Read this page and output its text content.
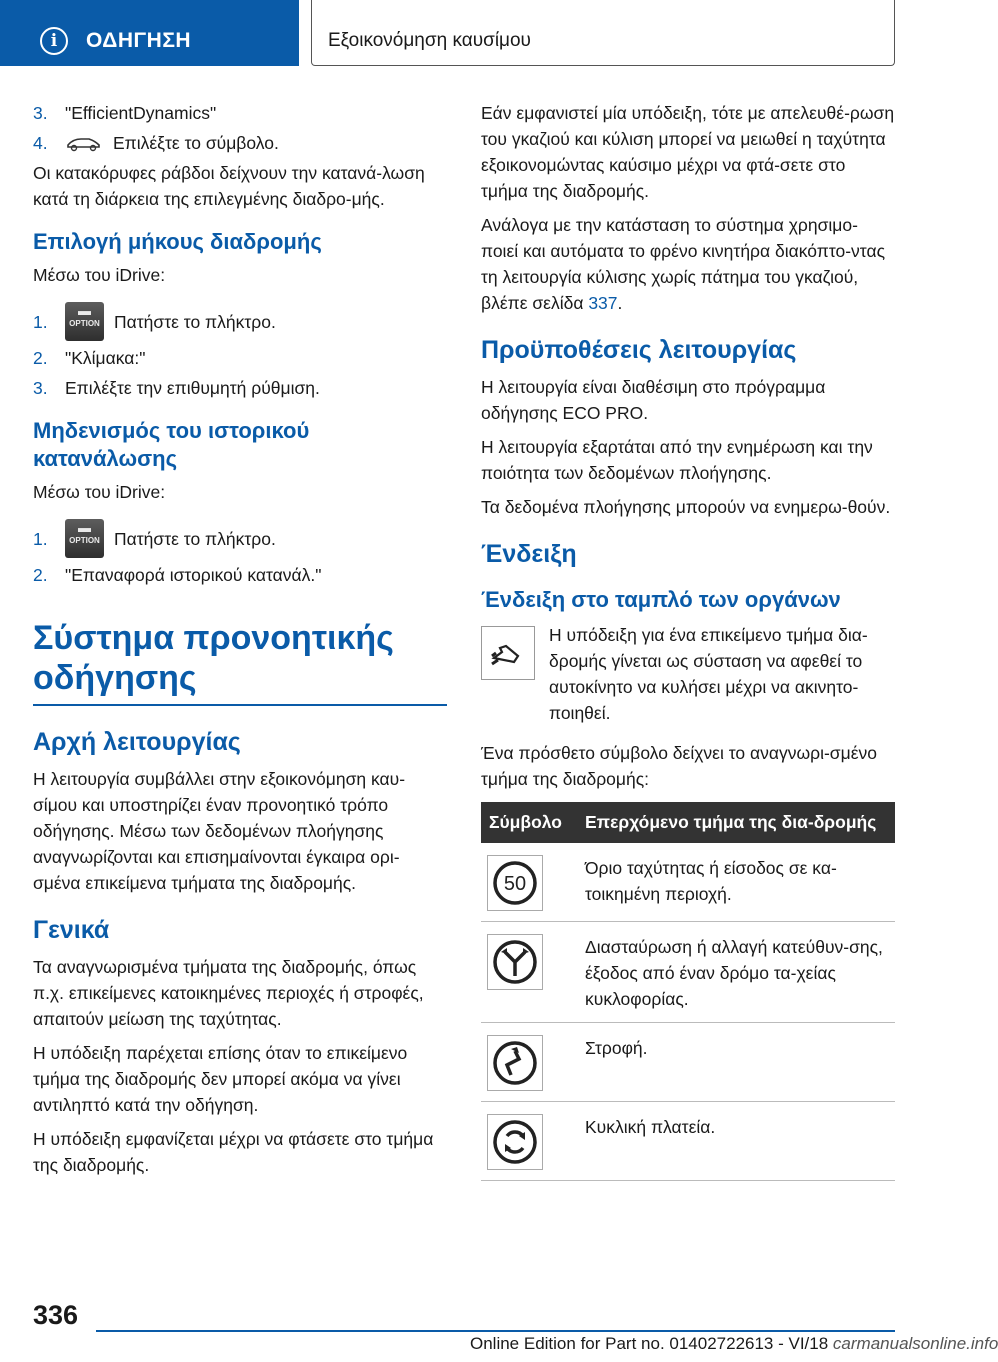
i	ΟΔΗΓΗΣΗ	Εξοικονόμηση καυσίμου
3. "EfficientDynamics"
4.	Επιλέξτε το σύμβολο.

Οι κατακόρυφες ράβδοι δείχνουν την κατανά-λωση κατά τη διάρκεια της επιλεγμένης διαδρο-μής.

Επιλογή μήκους διαδρομής

Μέσω του iDrive:

1.
▬
OPTION Πατήστε το πλήκτρο.
2. "Κλίμακα:"
3. Επιλέξτε την επιθυμητή ρύθμιση.
Μηδενισμός του ιστορικού κατανάλωσης

Μέσω του iDrive:

1.
▬
OPTION Πατήστε το πλήκτρο.
2. "Επαναφορά ιστορικού κατανάλ."
Σύστημα προνοητικής οδήγησης
Αρχή λειτουργίας

Η λειτουργία συμβάλλει στην εξοικονόμηση καυ-σίμου και υποστηρίζει έναν προνοητικό τρόπο οδήγησης. Μέσω των δεδομένων πλοήγησης αναγνωρίζονται και επισημαίνονται έγκαιρα ορι-σμένα επικείμενα τμήματα της διαδρομής.

Γενικά

Τα αναγνωρισμένα τμήματα της διαδρομής, όπως π.χ. επικείμενες κατοικημένες περιοχές ή στροφές, απαιτούν μείωση της ταχύτητας.

Η υπόδειξη παρέχεται επίσης όταν το επικείμενο τμήμα της διαδρομής δεν μπορεί ακόμα να γίνει αντιληπτό κατά την οδήγηση.

Η υπόδειξη εμφανίζεται μέχρι να φτάσετε στο τμήμα της διαδρομής.

Εάν εμφανιστεί μία υπόδειξη, τότε με απελευθέ-ρωση του γκαζιού και κύλιση μπορεί να μειωθεί η ταχύτητα εξοικονομώντας καύσιμο μέχρι να φτά-σετε στο τμήμα της διαδρομής.

Ανάλογα με την κατάσταση το σύστημα χρησιμο-ποιεί και αυτόματα το φρένο κινητήρα διακόπτο-ντας τη λειτουργία κύλισης χωρίς πάτημα του γκαζιού, βλέπε σελίδα 337.

Προϋποθέσεις λειτουργίας

Η λειτουργία είναι διαθέσιμη στο πρόγραμμα οδήγησης ECO PRO.

Η λειτουργία εξαρτάται από την ενημέρωση και την ποιότητα των δεδομένων πλοήγησης.

Τα δεδομένα πλοήγησης μπορούν να ενημερω-θούν.

Ένδειξη
Ένδειξη στο ταμπλό των οργάνων
Η υπόδειξη για ένα επικείμενο τμήμα δια-δρομής γίνεται ως σύσταση να αφεθεί το αυτοκίνητο να κυλήσει μέχρι να ακινητο-ποιηθεί.

Ένα πρόσθετο σύμβολο δείχνει το αναγνωρι-σμένο τμήμα της διαδρομής:

Σύμβολο	Επερχόμενο τμήμα της δια-δρομής

50	Όριο ταχύτητας ή είσοδος σε κα-τοικημένη περιοχή.

	Διασταύρωση ή αλλαγή κατεύθυν-σης, έξοδος από έναν δρόμο τα-χείας κυκλοφορίας.

	Στροφή.

	Κυκλική πλατεία.
336
Online Edition for Part no. 01402722613 - VI/18 carmanualsonline.info
